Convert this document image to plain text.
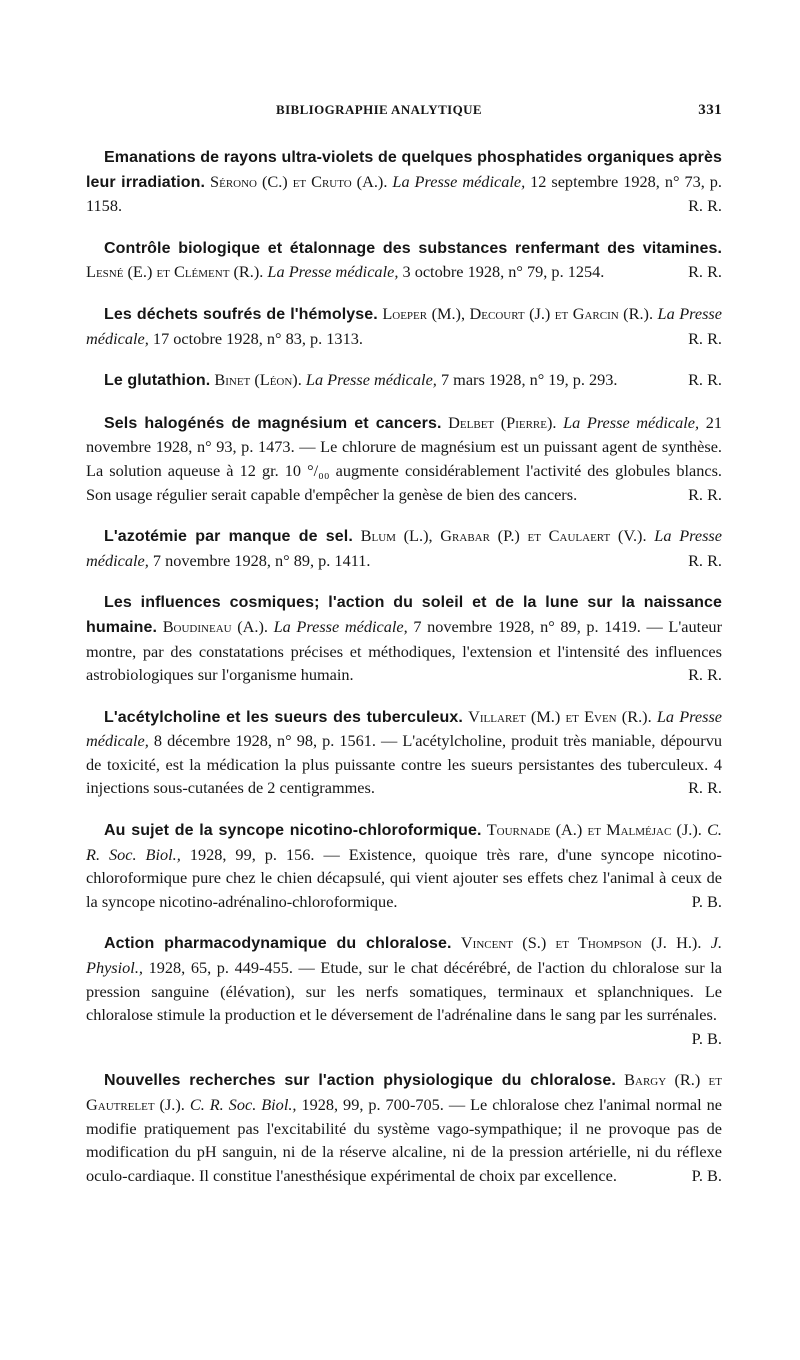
BIBLIOGRAPHIE ANALYTIQUE	331

Emanations de rayons ultra-violets de quelques phosphatides organiques après leur irradiation. Sérono (C.) et Cruto (A.). La Presse médicale, 12 septembre 1928, n° 73, p. 1158.	R. R.

Contrôle biologique et étalonnage des substances renfermant des vitamines. Lesné (E.) et Clément (R.). La Presse médicale, 3 octobre 1928, n° 79, p. 1254.	R. R.

Les déchets soufrés de l'hémolyse. Loeper (M.), Decourt (J.) et Garcin (R.). La Presse médicale, 17 octobre 1928, n° 83, p. 1313.	R. R.

Le glutathion. Binet (Léon). La Presse médicale, 7 mars 1928, n° 19, p. 293.	R. R.

Sels halogénés de magnésium et cancers. Delbet (Pierre). La Presse médicale, 21 novembre 1928, n° 93, p. 1473. — Le chlorure de magnésium est un puissant agent de synthèse. La solution aqueuse à 12 gr. 10 °/₀₀ augmente considérablement l'activité des globules blancs. Son usage régulier serait capable d'empêcher la genèse de bien des cancers.	R. R.

L'azotémie par manque de sel. Blum (L.), Grabar (P.) et Caulaert (V.). La Presse médicale, 7 novembre 1928, n° 89, p. 1411.	R. R.

Les influences cosmiques; l'action du soleil et de la lune sur la naissance humaine. Boudineau (A.). La Presse médicale, 7 novembre 1928, n° 89, p. 1419. — L'auteur montre, par des constatations précises et méthodiques, l'extension et l'intensité des influences astrobiologiques sur l'organisme humain.	R. R.

L'acétylcholine et les sueurs des tuberculeux. Villaret (M.) et Even (R.). La Presse médicale, 8 décembre 1928, n° 98, p. 1561. — L'acétylcholine, produit très maniable, dépourvu de toxicité, est la médication la plus puissante contre les sueurs persistantes des tuberculeux. 4 injections sous-cutanées de 2 centigrammes.	R. R.

Au sujet de la syncope nicotino-chloroformique. Tournade (A.) et Malméjac (J.). C. R. Soc. Biol., 1928, 99, p. 156. — Existence, quoique très rare, d'une syncope nicotino-chloroformique pure chez le chien décapsulé, qui vient ajouter ses effets chez l'animal à ceux de la syncope nicotino-adrénalino-chloroformique.	P. B.

Action pharmacodynamique du chloralose. Vincent (S.) et Thompson (J. H.). J. Physiol., 1928, 65, p. 449-455. — Etude, sur le chat décérébré, de l'action du chloralose sur la pression sanguine (élévation), sur les nerfs somatiques, terminaux et splanchniques. Le chloralose stimule la production et le déversement de l'adrénaline dans le sang par les surrénales.
P. B.

Nouvelles recherches sur l'action physiologique du chloralose. Bargy (R.) et Gautrelet (J.). C. R. Soc. Biol., 1928, 99, p. 700-705. — Le chloralose chez l'animal normal ne modifie pratiquement pas l'excitabilité du système vago-sympathique; il ne provoque pas de modification du pH sanguin, ni de la réserve alcaline, ni de la pression artérielle, ni du réflexe oculo-cardiaque. Il constitue l'anesthésique expérimental de choix par excellence.	P. B.
